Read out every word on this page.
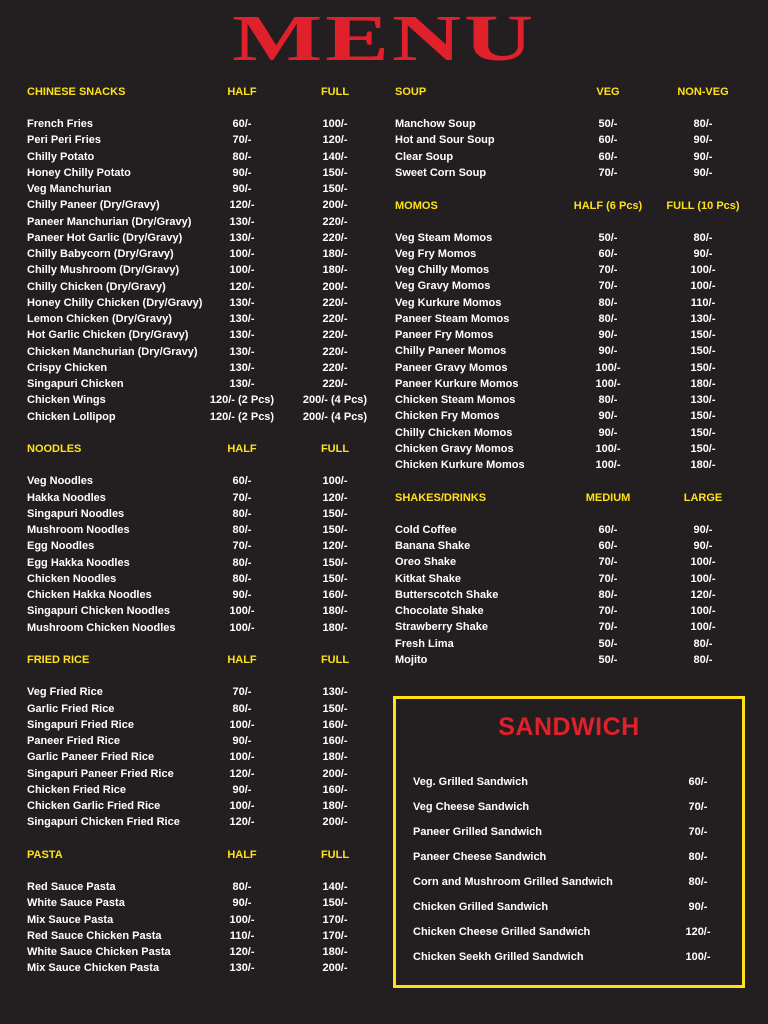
MENU
CHINESE SNACKS	HALF	FULL
French Fries	60/-	100/-
Peri Peri Fries	70/-	120/-
Chilly Potato	80/-	140/-
Honey Chilly Potato	90/-	150/-
Veg Manchurian	90/-	150/-
Chilly Paneer (Dry/Gravy)	120/-	200/-
Paneer Manchurian (Dry/Gravy)	130/-	220/-
Paneer Hot Garlic (Dry/Gravy)	130/-	220/-
Chilly Babycorn (Dry/Gravy)	100/-	180/-
Chilly Mushroom (Dry/Gravy)	100/-	180/-
Chilly Chicken (Dry/Gravy)	120/-	200/-
Honey Chilly Chicken (Dry/Gravy)	130/-	220/-
Lemon Chicken (Dry/Gravy)	130/-	220/-
Hot Garlic Chicken (Dry/Gravy)	130/-	220/-
Chicken Manchurian (Dry/Gravy)	130/-	220/-
Crispy Chicken	130/-	220/-
Singapuri Chicken	130/-	220/-
Chicken Wings	120/- (2 Pcs)	200/- (4 Pcs)
Chicken Lollipop	120/- (2 Pcs)	200/- (4 Pcs)
NOODLES	HALF	FULL
Veg Noodles	60/-	100/-
Hakka Noodles	70/-	120/-
Singapuri Noodles	80/-	150/-
Mushroom Noodles	80/-	150/-
Egg Noodles	70/-	120/-
Egg Hakka Noodles	80/-	150/-
Chicken Noodles	80/-	150/-
Chicken Hakka Noodles	90/-	160/-
Singapuri Chicken Noodles	100/-	180/-
Mushroom Chicken Noodles	100/-	180/-
FRIED RICE	HALF	FULL
Veg Fried Rice	70/-	130/-
Garlic Fried Rice	80/-	150/-
Singapuri Fried Rice	100/-	160/-
Paneer Fried Rice	90/-	160/-
Garlic Paneer Fried Rice	100/-	180/-
Singapuri Paneer Fried Rice	120/-	200/-
Chicken Fried Rice	90/-	160/-
Chicken Garlic Fried Rice	100/-	180/-
Singapuri Chicken Fried Rice	120/-	200/-
PASTA	HALF	FULL
Red Sauce Pasta	80/-	140/-
White Sauce Pasta	90/-	150/-
Mix Sauce Pasta	100/-	170/-
Red Sauce Chicken Pasta	110/-	170/-
White Sauce Chicken Pasta	120/-	180/-
Mix Sauce Chicken Pasta	130/-	200/-
SOUP	VEG	NON-VEG
Manchow Soup	50/-	80/-
Hot and Sour Soup	60/-	90/-
Clear Soup	60/-	90/-
Sweet Corn Soup	70/-	90/-
MOMOS	HALF (6 Pcs)	FULL (10 Pcs)
Veg Steam Momos	50/-	80/-
Veg Fry Momos	60/-	90/-
Veg Chilly Momos	70/-	100/-
Veg Gravy Momos	70/-	100/-
Veg Kurkure Momos	80/-	110/-
Paneer Steam Momos	80/-	130/-
Paneer Fry Momos	90/-	150/-
Chilly Paneer Momos	90/-	150/-
Paneer Gravy Momos	100/-	150/-
Paneer Kurkure Momos	100/-	180/-
Chicken Steam Momos	80/-	130/-
Chicken Fry Momos	90/-	150/-
Chilly Chicken Momos	90/-	150/-
Chicken Gravy Momos	100/-	150/-
Chicken Kurkure Momos	100/-	180/-
SHAKES/DRINKS	MEDIUM	LARGE
Cold Coffee	60/-	90/-
Banana Shake	60/-	90/-
Oreo Shake	70/-	100/-
Kitkat Shake	70/-	100/-
Butterscotch Shake	80/-	120/-
Chocolate Shake	70/-	100/-
Strawberry Shake	70/-	100/-
Fresh Lima	50/-	80/-
Mojito	50/-	80/-
SANDWICH
Veg. Grilled Sandwich	60/-
Veg Cheese Sandwich	70/-
Paneer Grilled Sandwich	70/-
Paneer Cheese Sandwich	80/-
Corn and Mushroom Grilled Sandwich	80/-
Chicken Grilled Sandwich	90/-
Chicken Cheese Grilled Sandwich	120/-
Chicken Seekh Grilled Sandwich	100/-
